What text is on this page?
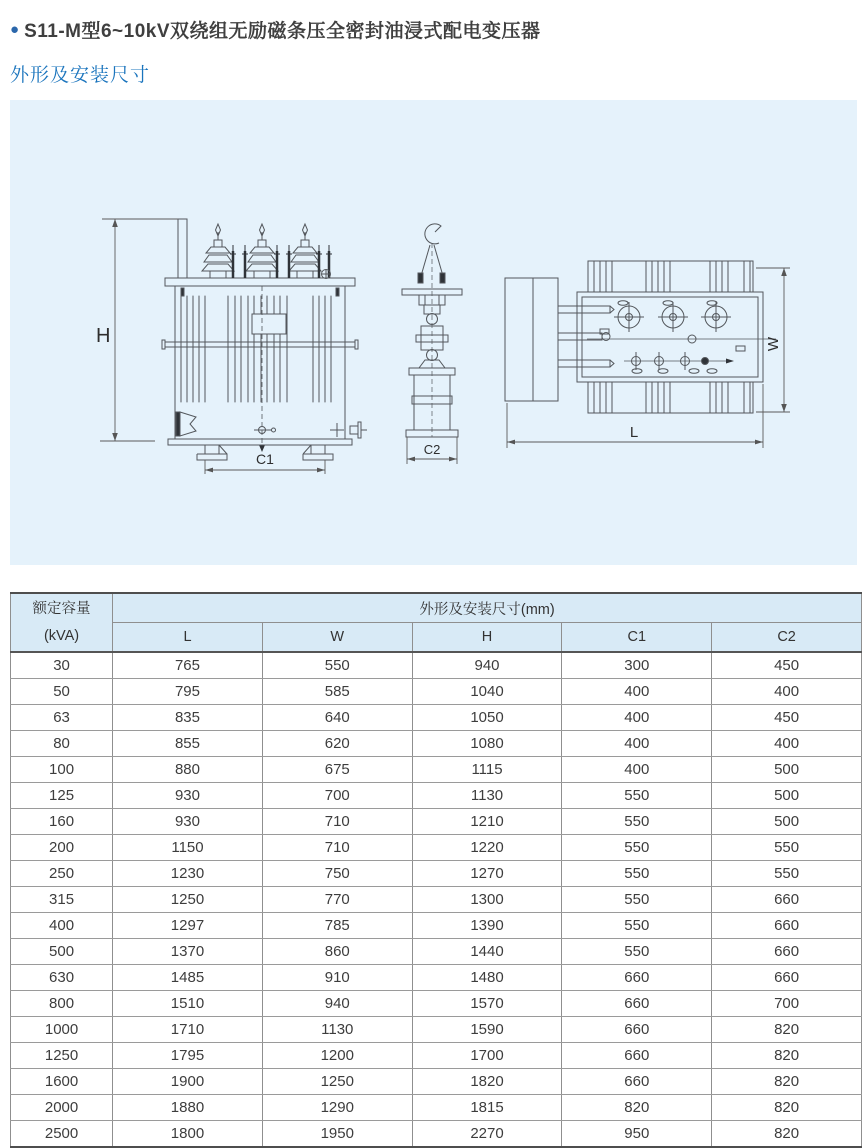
● S11-M型6~10kV双绕组无励磁条压全密封油浸式配电变压器
外形及安装尺寸
H
C1
C2
W
L
额定容量
(kVA)	外形及安装尺寸(mm)				
	L	W	H	C1	C2
30	765	550	940	300	450
50	795	585	1040	400	400
63	835	640	1050	400	450
80	855	620	1080	400	400
100	880	675	1115	400	500
125	930	700	1130	550	500
160	930	710	1210	550	500
200	1150	710	1220	550	550
250	1230	750	1270	550	550
315	1250	770	1300	550	660
400	1297	785	1390	550	660
500	1370	860	1440	550	660
630	1485	910	1480	660	660
800	1510	940	1570	660	700
1000	1710	1130	1590	660	820
1250	1795	1200	1700	660	820
1600	1900	1250	1820	660	820
2000	1880	1290	1815	820	820
2500	1800	1950	2270	950	820
